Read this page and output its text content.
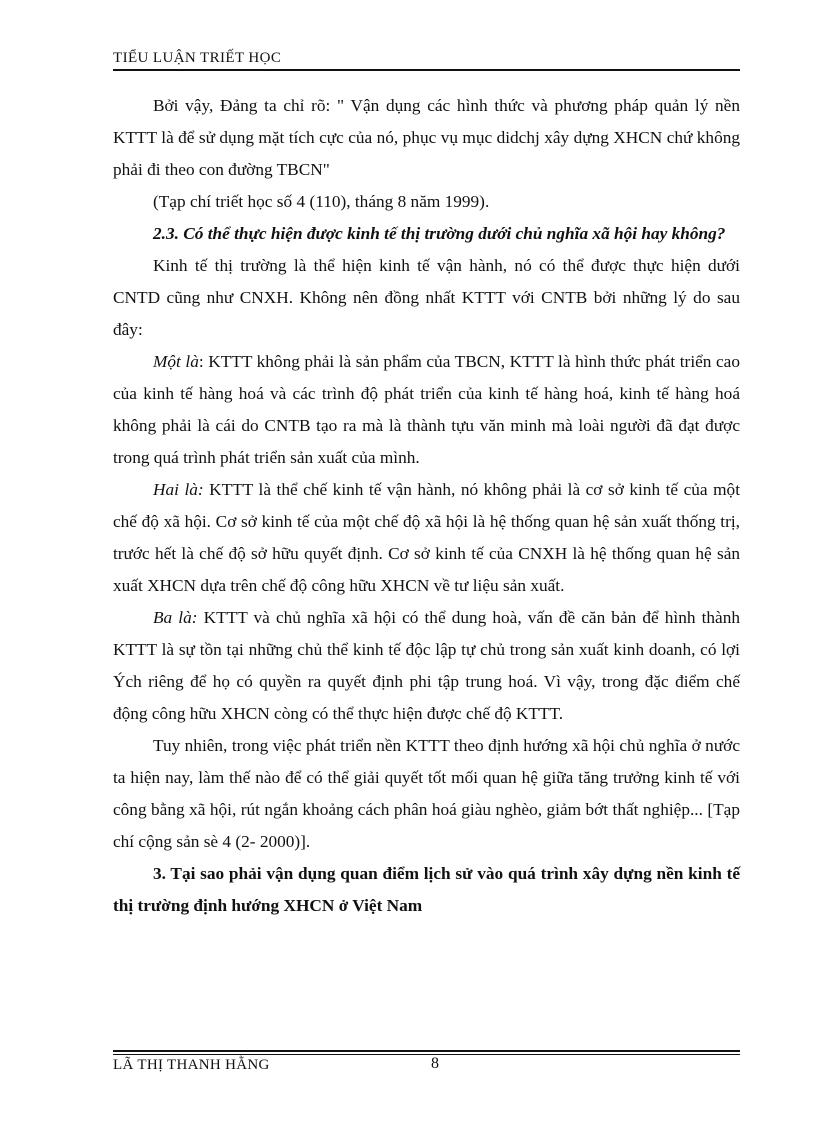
TIỂU LUẬN TRIẾT HỌC

Bởi vậy, Đảng ta chỉ rõ: " Vận dụng các hình thức và phương pháp quản lý nền KTTT là để sử dụng mặt tích cực của nó, phục vụ mục didchj xây dựng XHCN chứ không phải đi theo con đường TBCN"

(Tạp chí triết học số 4 (110), tháng 8 năm 1999).

2.3. Có thể thực hiện được kinh tế thị trường dưới chủ nghĩa xã hội hay không?

Kinh tế thị trường là thể hiện kinh tế vận hành, nó có thể được thực hiện dưới CNTD cũng như CNXH. Không nên đồng nhất KTTT với CNTB bởi những lý do sau đây:

Một là: KTTT không phải là sản phẩm của TBCN, KTTT là hình thức phát triển cao của kinh tế hàng hoá và các trình độ phát triển của kinh tế hàng hoá, kinh tế hàng hoá không phải là cái do CNTB tạo ra mà là thành tựu văn minh mà loài người đã đạt được trong quá trình phát triển sản xuất của mình.

Hai là: KTTT là thể chế kinh tế vận hành, nó không phải là cơ sở kinh tế của một chế độ xã hội. Cơ sở kinh tế của một chế độ xã hội là hệ thống quan hệ sản xuất thống trị, trước hết là chế độ sở hữu quyết định. Cơ sở kinh tế của CNXH là hệ thống quan hệ sản xuất XHCN dựa trên chế độ công hữu XHCN về tư liệu sản xuất.

Ba là: KTTT và chủ nghĩa xã hội có thể dung hoà, vấn đề căn bản để hình thành KTTT là sự tồn tại những chủ thể kinh tế độc lập tự chủ trong sản xuất kinh doanh, có lợi Ých riêng để họ có quyền ra quyết định phi tập trung hoá. Vì vậy, trong đặc điểm chế động công hữu XHCN còng có thể thực hiện được chế độ KTTT.

Tuy nhiên, trong việc phát triển nền KTTT theo định hướng xã hội chủ nghĩa ở nước ta hiện nay, làm thế nào để có thể giải quyết tốt mối quan hệ giữa tăng trưởng kinh tế với công bằng xã hội, rút ngắn khoảng cách phân hoá giàu nghèo, giảm bớt thất nghiệp... [Tạp chí cộng sản sè 4 (2- 2000)].

3. Tại sao phải vận dụng quan điểm lịch sử vào quá trình xây dựng nền kinh tế thị trường định hướng XHCN ở Việt Nam

LÃ THỊ THANH HẰNG	8
